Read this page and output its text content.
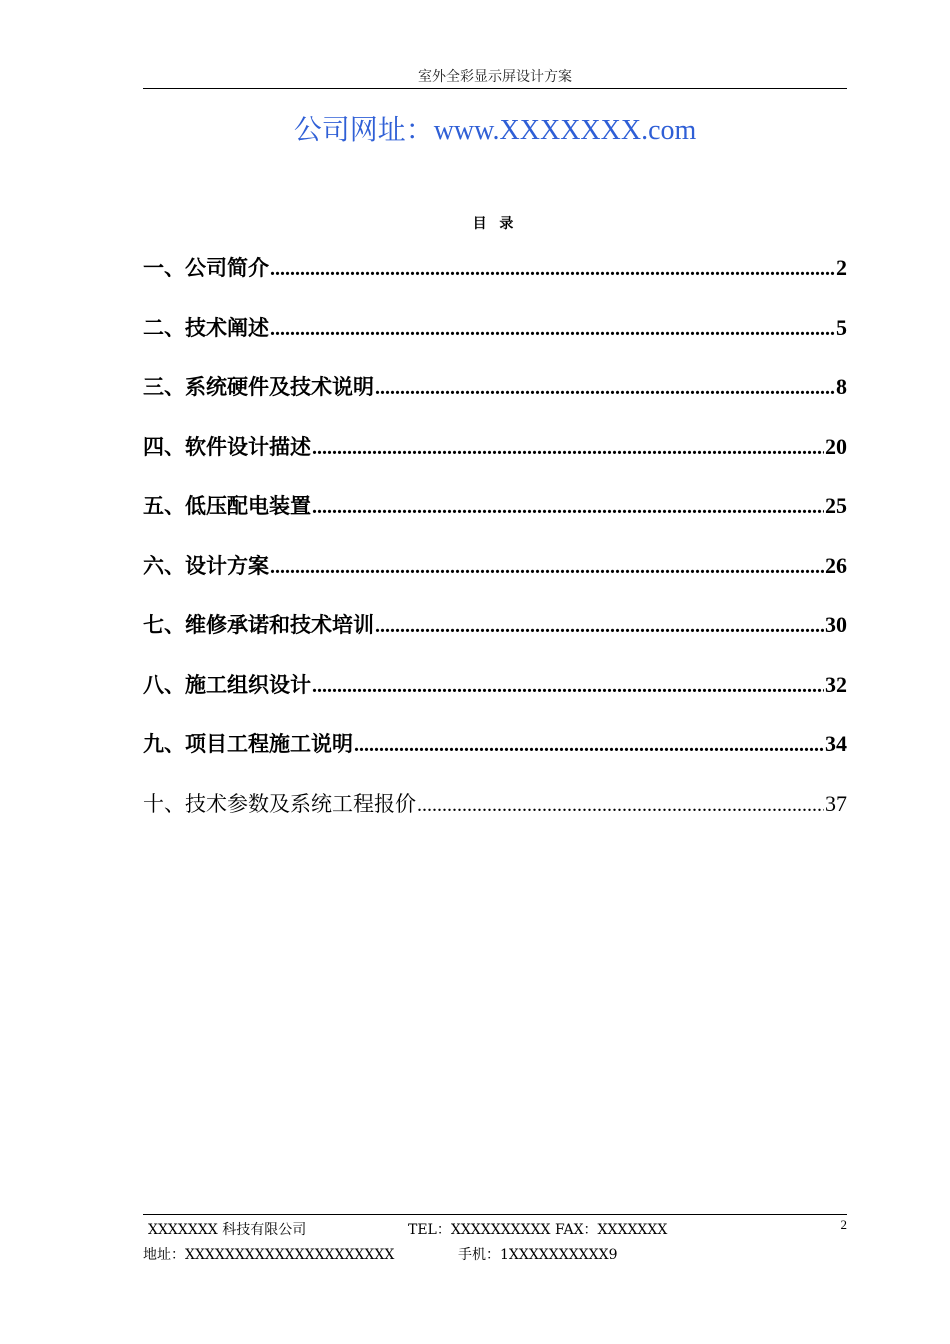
室外全彩显示屏设计方案
公司网址：www.XXXXXXX.com
目 录
一、公司简介 .....	2
二、技术阐述 .....	5
三、系统硬件及技术说明 .....	8
四、软件设计描述 .....	20
五、低压配电装置 .....	25
六、设计方案 .....	26
七、维修承诺和技术培训 .....	30
八、施工组织设计 .....	32
九、项目工程施工说明 .....	34
十、技术参数及系统工程报价 .....	37
XXXXXXX 科技有限公司	TEL：XXXXXXXXXX FAX：XXXXXXX	2
地址：XXXXXXXXXXXXXXXXXXXXX	手机：1XXXXXXXXXX9
